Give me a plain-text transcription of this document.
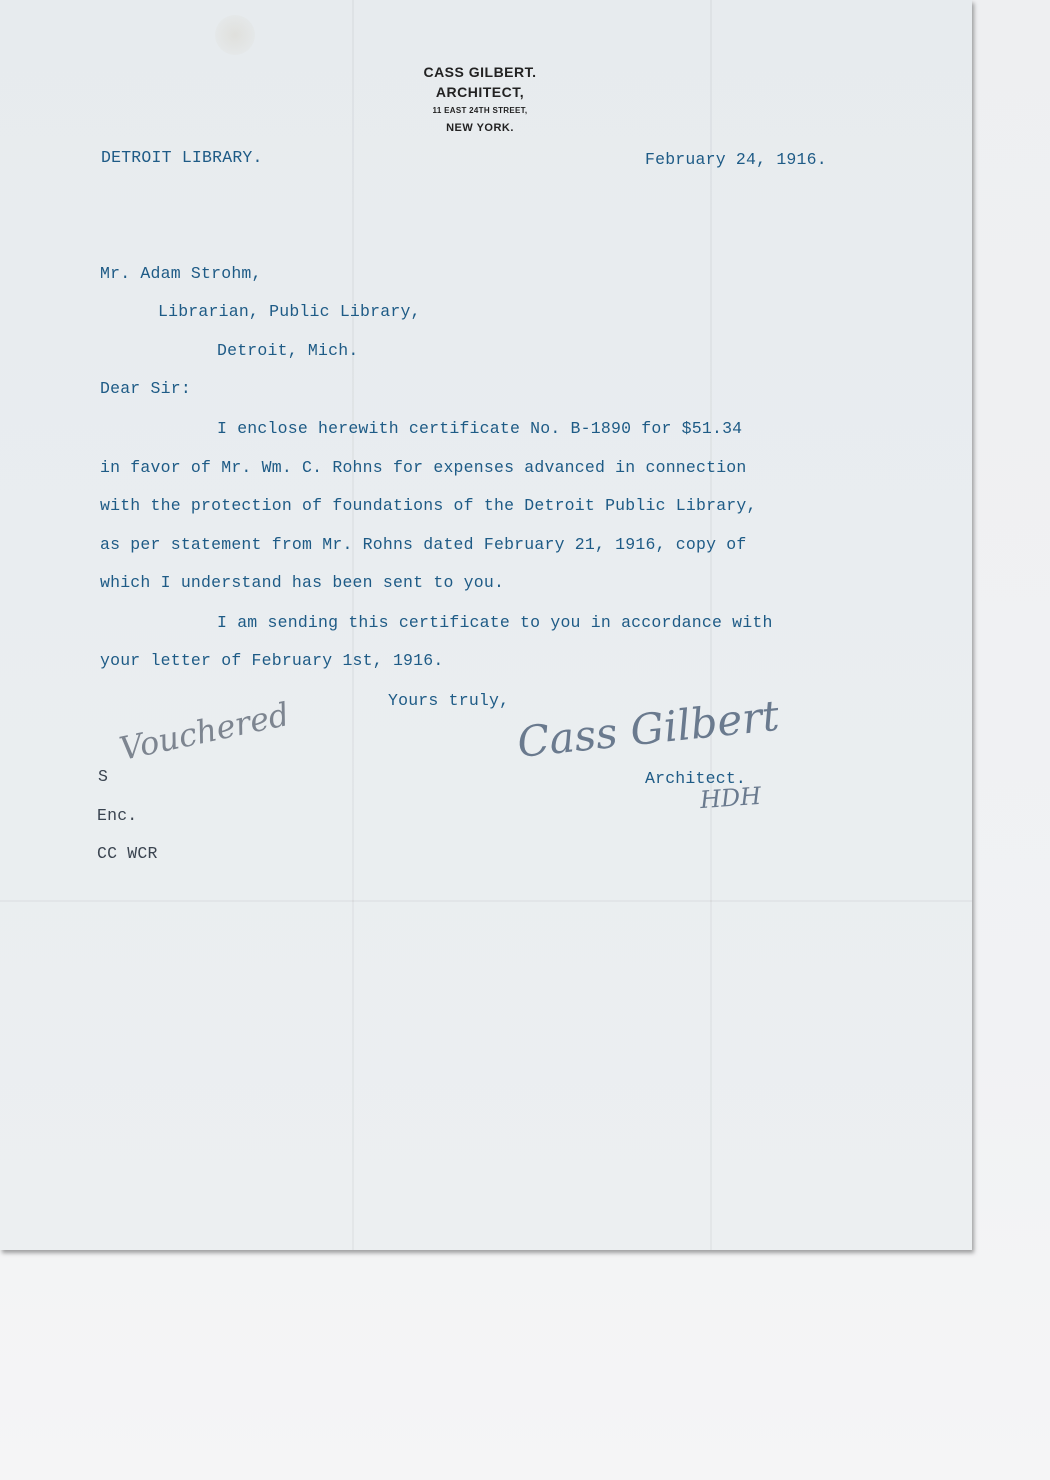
CASS GILBERT.
ARCHITECT,
11 EAST 24TH STREET,
NEW YORK.
DETROIT LIBRARY.	February 24, 1916.
Mr. Adam Strohm,
Librarian, Public Library,
Detroit, Mich.
Dear Sir:
I enclose herewith certificate No. B-1890 for $51.34
in favor of Mr. Wm. C. Rohns for expenses advanced in connection
with the protection of foundations of the Detroit Public Library,
as per statement from Mr. Rohns dated February 21, 1916, copy of
which I understand has been sent to you.
I am sending this certificate to you in accordance with
your letter of February 1st, 1916.
Yours truly, Cass Gilbert
Architect.
HDH
S
Vouchered
Enc.
CC WCR
